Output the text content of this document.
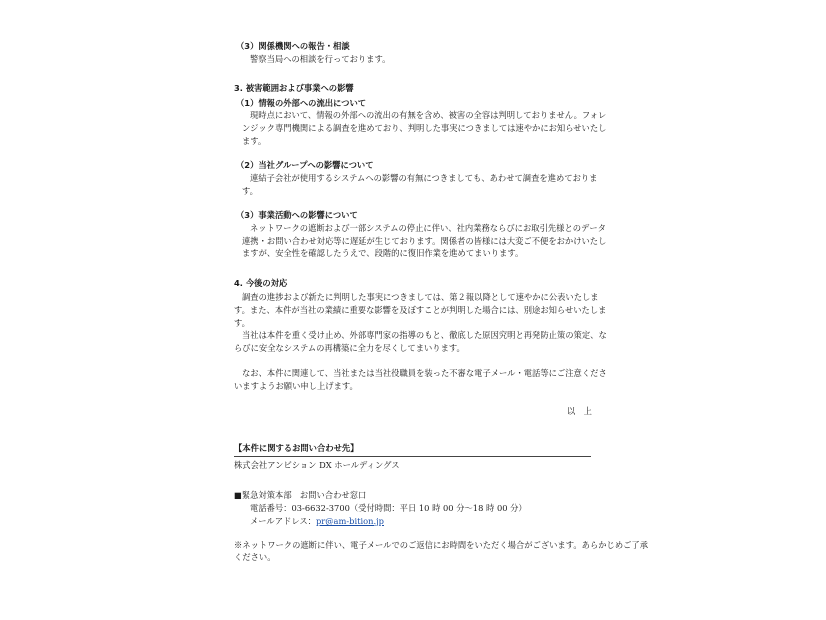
（3）関係機関への報告・相談
警察当局への相談を行っております。
3. 被害範囲および事業への影響
（1）情報の外部への流出について
現時点において、情報の外部への流出の有無を含め、被害の全容は判明しておりません。フォレ
ンジック専門機関による調査を進めており、判明した事実につきましては速やかにお知らせいたし
ます。
（2）当社グループへの影響について
連結子会社が使用するシステムへの影響の有無につきましても、あわせて調査を進めておりま
す。
（3）事業活動への影響について
ネットワークの遮断および一部システムの停止に伴い、社内業務ならびにお取引先様とのデータ
連携・お問い合わせ対応等に遅延が生じております。関係者の皆様には大変ご不便をおかけいたし
ますが、安全性を確認したうえで、段階的に復旧作業を進めてまいります。
4. 今後の対応
調査の進捗および新たに判明した事実につきましては、第２報以降として速やかに公表いたしま
す。また、本件が当社の業績に重要な影響を及ぼすことが判明した場合には、別途お知らせいたしま
す。
当社は本件を重く受け止め、外部専門家の指導のもと、徹底した原因究明と再発防止策の策定、な
らびに安全なシステムの再構築に全力を尽くしてまいります。
なお、本件に関連して、当社または当社役職員を装った不審な電子メール・電話等にご注意くださ
いますようお願い申し上げます。
以　上
【本件に関するお問い合わせ先】
株式会社アンビション DX ホールディングス
■緊急対策本部　お問い合わせ窓口
電話番号：03-6632-3700（受付時間：平日 10 時 00 分〜18 時 00 分）
メールアドレス：pr@am-bition.jp
※ネットワークの遮断に伴い、電子メールでのご返信にお時間をいただく場合がございます。あらかじめご了承
ください。
